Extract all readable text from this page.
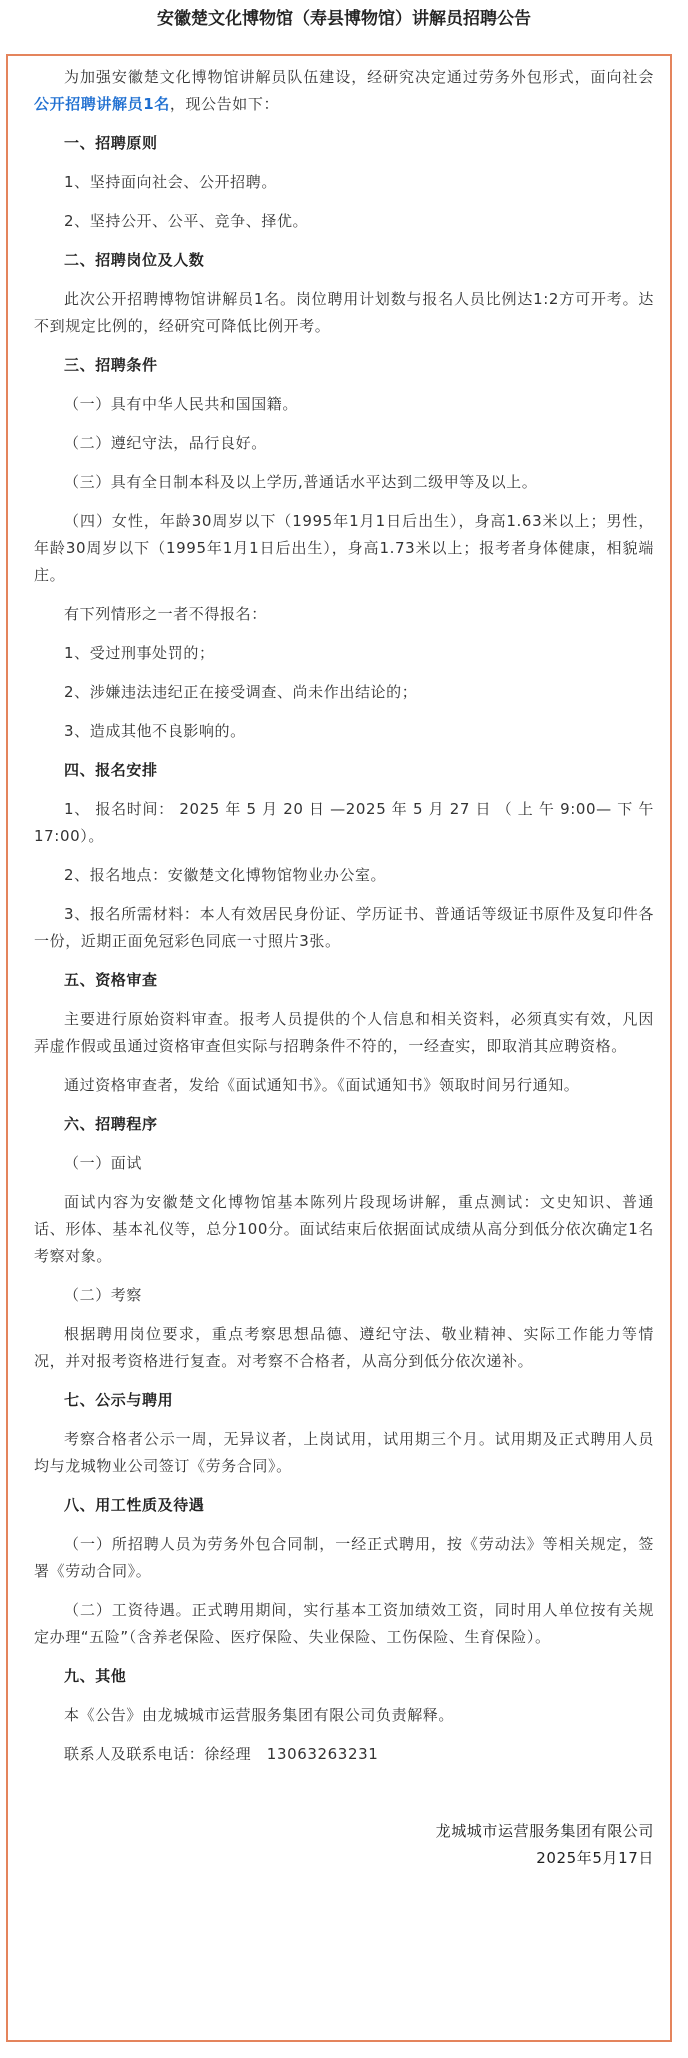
安徽楚文化博物馆（寿县博物馆）讲解员招聘公告

为加强安徽楚文化博物馆讲解员队伍建设，经研究决定通过劳务外包形式，面向社会公开招聘讲解员1名，现公告如下：

一、招聘原则

1、坚持面向社会、公开招聘。

2、坚持公开、公平、竞争、择优。

二、招聘岗位及人数

此次公开招聘博物馆讲解员1名。岗位聘用计划数与报名人员比例达1:2方可开考。达不到规定比例的，经研究可降低比例开考。

三、招聘条件

（一）具有中华人民共和国国籍。

（二）遵纪守法，品行良好。

（三）具有全日制本科及以上学历,普通话水平达到二级甲等及以上。

（四）女性，年龄30周岁以下（1995年1月1日后出生），身高1.63米以上；男性，年龄30周岁以下（1995年1月1日后出生），身高1.73米以上；报考者身体健康，相貌端庄。

有下列情形之一者不得报名：

1、受过刑事处罚的；

2、涉嫌违法违纪正在接受调查、尚未作出结论的；

3、造成其他不良影响的。

四、报名安排

1、 报名时间： 2025 年 5 月 20 日 —2025 年 5 月 27 日 （ 上 午 9:00— 下 午 17:00）。

2、报名地点：安徽楚文化博物馆物业办公室。

3、报名所需材料：本人有效居民身份证、学历证书、普通话等级证书原件及复印件各一份，近期正面免冠彩色同底一寸照片3张。

五、资格审查

主要进行原始资料审查。报考人员提供的个人信息和相关资料，必须真实有效，凡因弄虚作假或虽通过资格审查但实际与招聘条件不符的，一经查实，即取消其应聘资格。

通过资格审查者，发给《面试通知书》。《面试通知书》领取时间另行通知。

六、招聘程序

（一）面试

面试内容为安徽楚文化博物馆基本陈列片段现场讲解，重点测试：文史知识、普通话、形体、基本礼仪等，总分100分。面试结束后依据面试成绩从高分到低分依次确定1名考察对象。

（二）考察

根据聘用岗位要求，重点考察思想品德、遵纪守法、敬业精神、实际工作能力等情况，并对报考资格进行复查。对考察不合格者，从高分到低分依次递补。

七、公示与聘用

考察合格者公示一周，无异议者，上岗试用，试用期三个月。试用期及正式聘用人员均与龙城物业公司签订《劳务合同》。

八、用工性质及待遇

（一）所招聘人员为劳务外包合同制，一经正式聘用，按《劳动法》等相关规定，签署《劳动合同》。

（二）工资待遇。正式聘用期间，实行基本工资加绩效工资，同时用人单位按有关规定办理“五险”（含养老保险、医疗保险、失业保险、工伤保险、生育保险）。

九、其他

本《公告》由龙城城市运营服务集团有限公司负责解释。

联系人及联系电话：徐经理　13063263231

龙城城市运营服务集团有限公司

2025年5月17日
